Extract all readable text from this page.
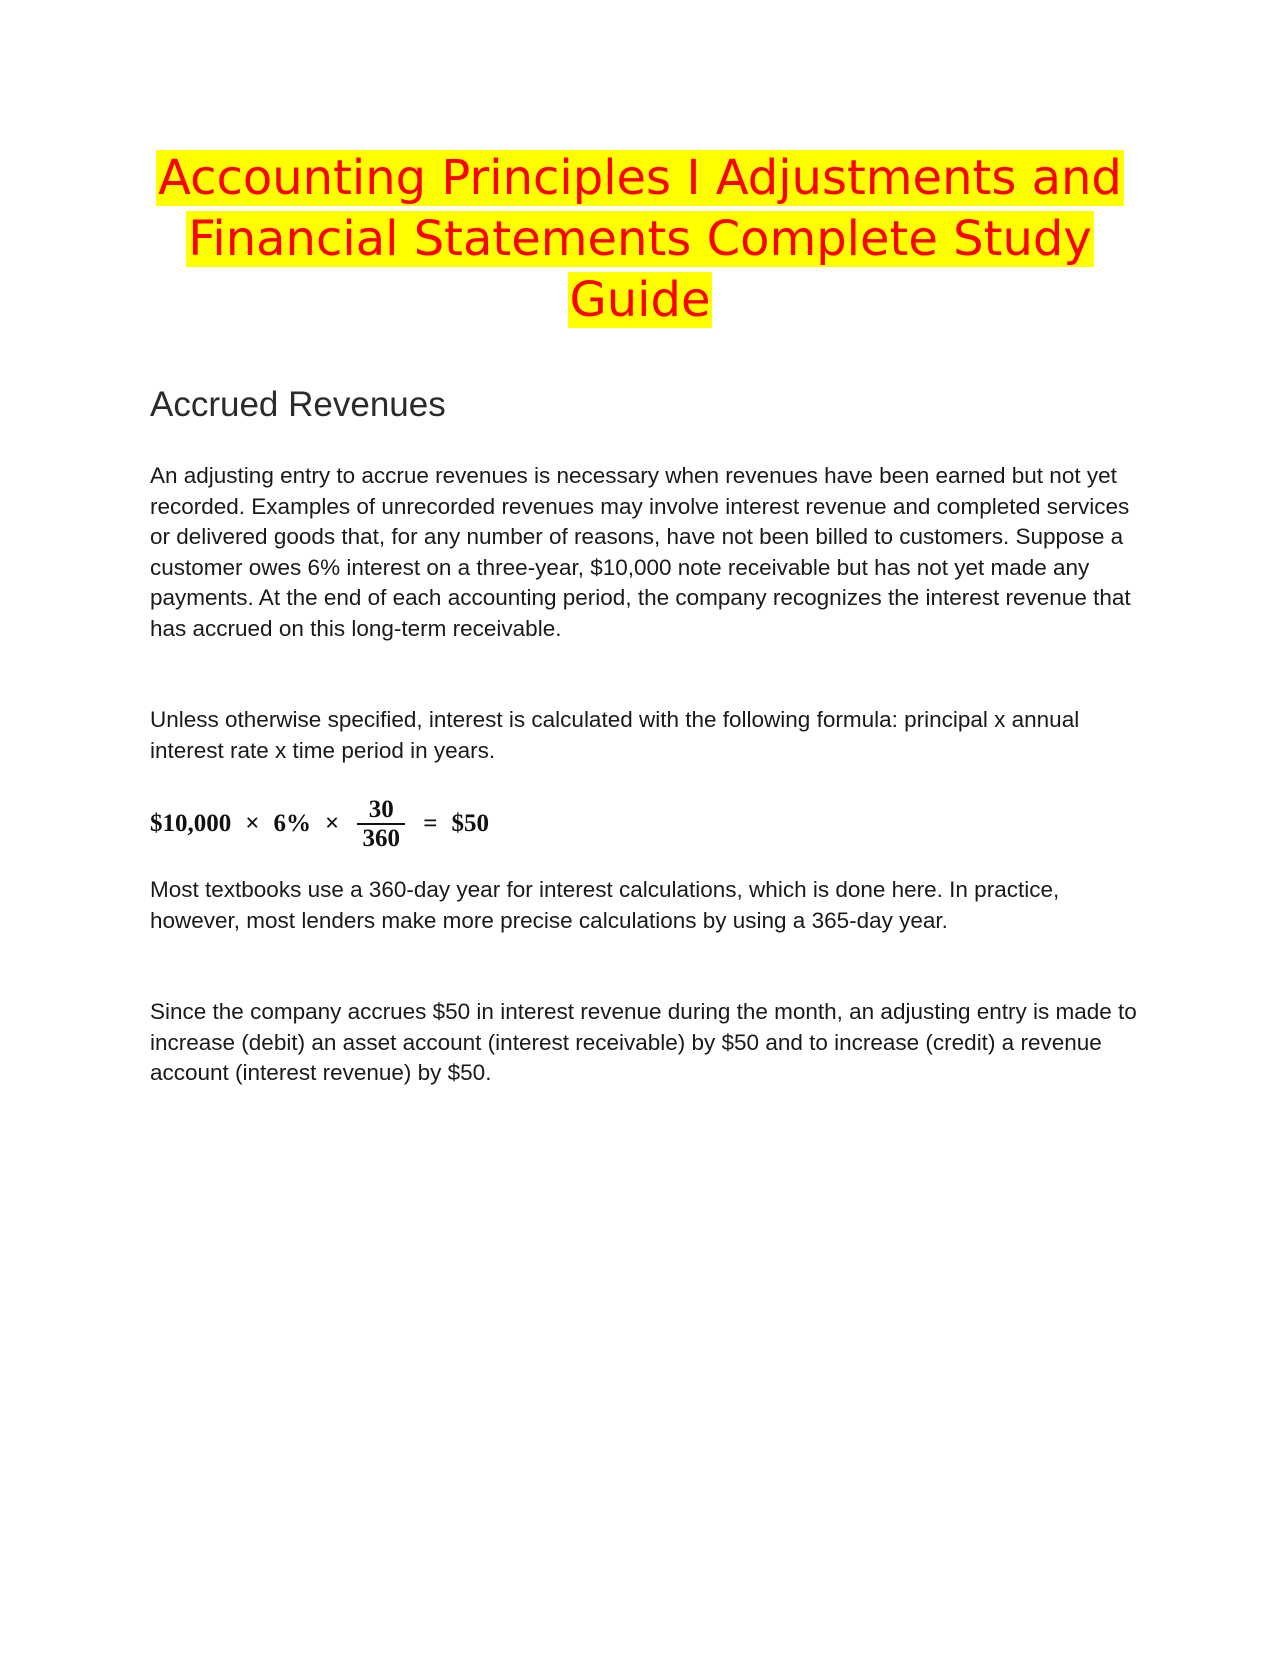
Accounting Principles I Adjustments and Financial Statements Complete Study Guide
Accrued Revenues

An adjusting entry to accrue revenues is necessary when revenues have been earned but not yet recorded. Examples of unrecorded revenues may involve interest revenue and completed services or delivered goods that, for any number of reasons, have not been billed to customers. Suppose a customer owes 6% interest on a three-year, $10,000 note receivable but has not yet made any payments. At the end of each accounting period, the company recognizes the interest revenue that has accrued on this long-term receivable.

Unless otherwise specified, interest is calculated with the following formula: principal x annual interest rate x time period in years.

$10,000 × $6\% \times \frac{30}{360}$ = $50

Most textbooks use a 360-day year for interest calculations, which is done here. In practice, however, most lenders make more precise calculations by using a 365-day year.

Since the company accrues $50 in interest revenue during the month, an adjusting entry is made to increase (debit) an asset account (interest receivable) by $50 and to increase (credit) a revenue account (interest revenue) by $50.
